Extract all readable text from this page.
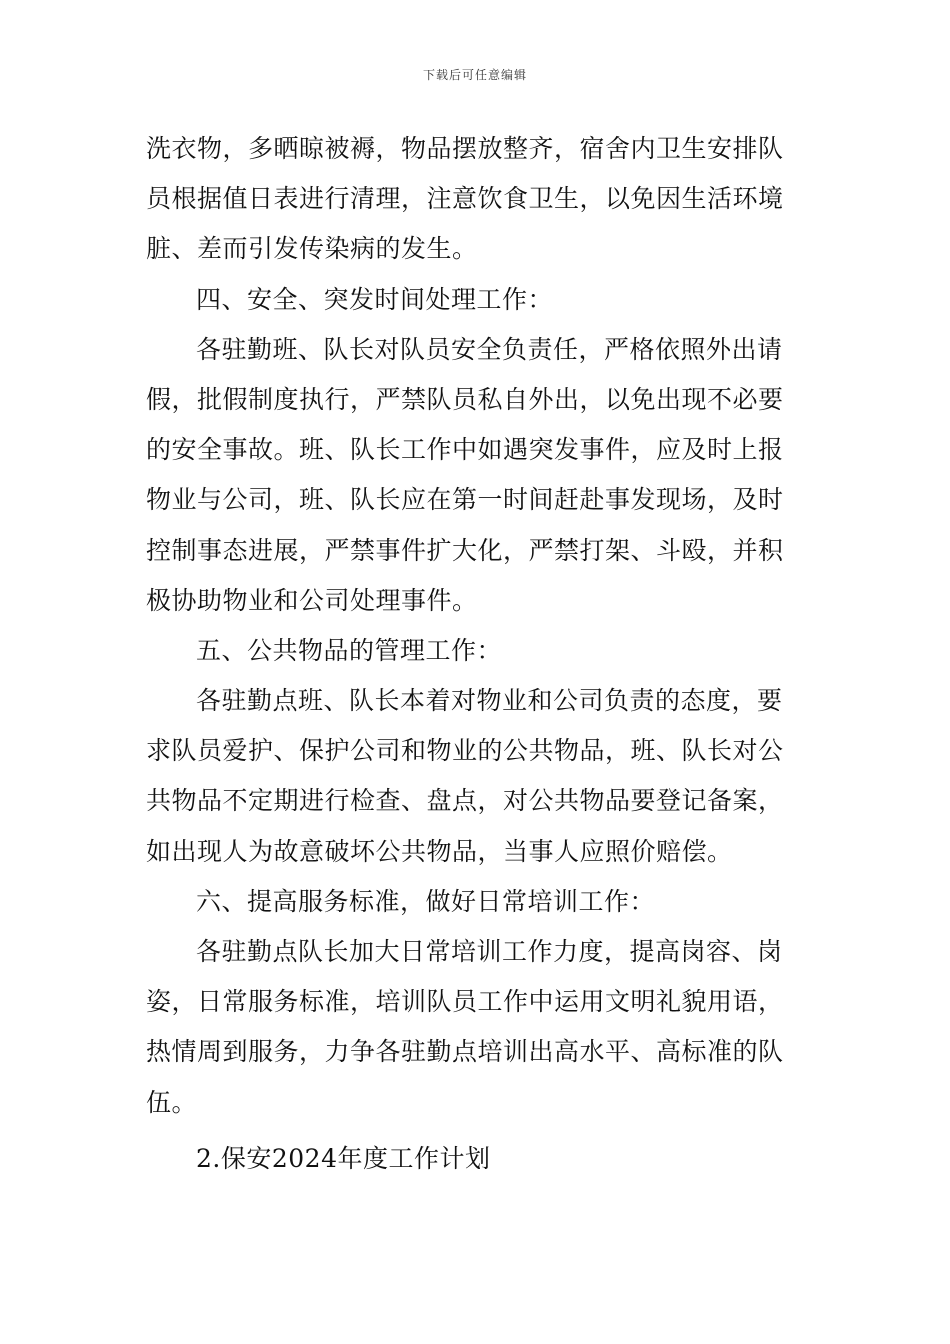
下载后可任意编辑
洗衣物，多晒晾被褥，物品摆放整齐，宿舍内卫生安排队
员根据值日表进行清理，注意饮食卫生，以免因生活环境
脏、差而引发传染病的发生。
四、安全、突发时间处理工作：
各驻勤班、队长对队员安全负责任，严格依照外出请
假，批假制度执行，严禁队员私自外出，以免出现不必要
的安全事故。班、队长工作中如遇突发事件，应及时上报
物业与公司，班、队长应在第一时间赶赴事发现场，及时
控制事态进展，严禁事件扩大化，严禁打架、斗殴，并积
极协助物业和公司处理事件。
五、公共物品的管理工作：
各驻勤点班、队长本着对物业和公司负责的态度，要
求队员爱护、保护公司和物业的公共物品，班、队长对公
共物品不定期进行检查、盘点，对公共物品要登记备案，
如出现人为故意破坏公共物品，当事人应照价赔偿。
六、提高服务标准，做好日常培训工作：
各驻勤点队长加大日常培训工作力度，提高岗容、岗
姿，日常服务标准，培训队员工作中运用文明礼貌用语，
热情周到服务，力争各驻勤点培训出高水平、高标准的队
伍。
2.保安2024年度工作计划
